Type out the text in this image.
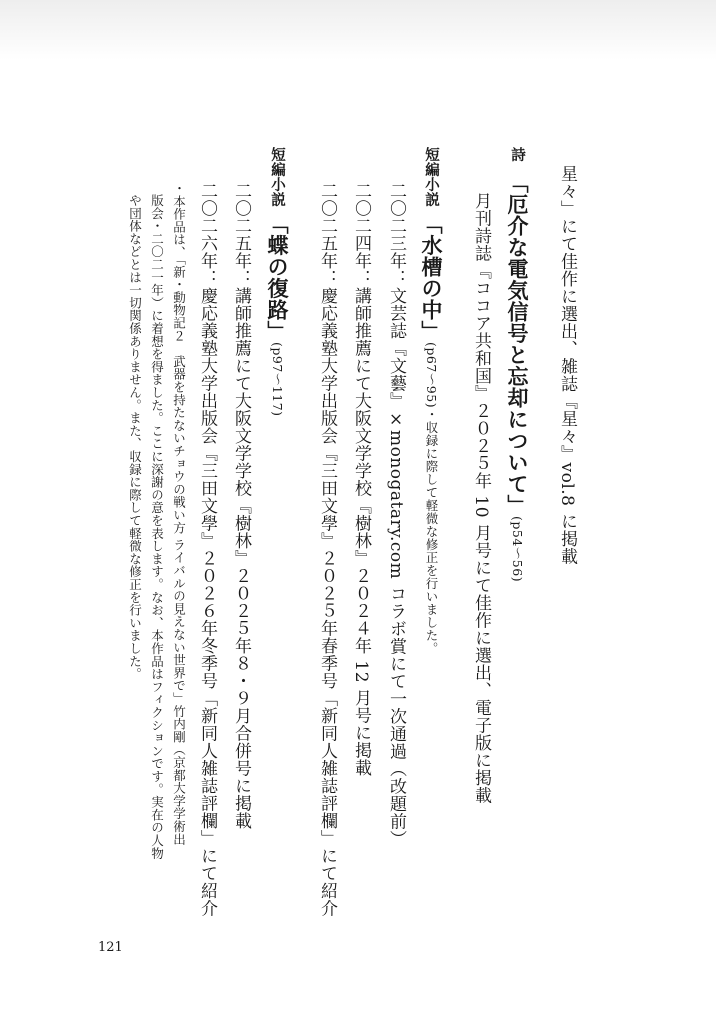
星々」にて佳作に選出、雑誌『星々』vol.8 に掲載
詩「厄介な電気信号と忘却について」(p54〜56)
月刊詩誌『ココア共和国』２０２５年 10 月号にて佳作に選出、電子版に掲載
短編小説「水槽の中」(p67〜95)・収録に際して軽微な修正を行いました。
二〇二三年：文芸誌『文藝』×monogatary.com コラボ賞にて一次通過（改題前）
二〇二四年：講師推薦にて大阪文学学校『樹林』２０２４年 12 月号に掲載
二〇二五年：慶応義塾大学出版会『三田文學』２０２５年春季号「新同人雑誌評欄」にて紹介
短編小説「蝶の復路」(p97〜117)
二〇二五年：講師推薦にて大阪文学学校『樹林』２０２５年８・９月合併号に掲載
二〇二六年：慶応義塾大学出版会『三田文學』２０２６年冬季号「新同人雑誌評欄」にて紹介
・本作品は、「新・動物記２　武器を持たないチョウの戦い方 ライバルの見えない世界で」竹内剛（京都大学学術出
版会・二〇二一年）に着想を得ました。ここに深謝の意を表します。なお、本作品はフィクションです。実在の人物
や団体などとは一切関係ありません。また、収録に際して軽微な修正を行いました。
121
